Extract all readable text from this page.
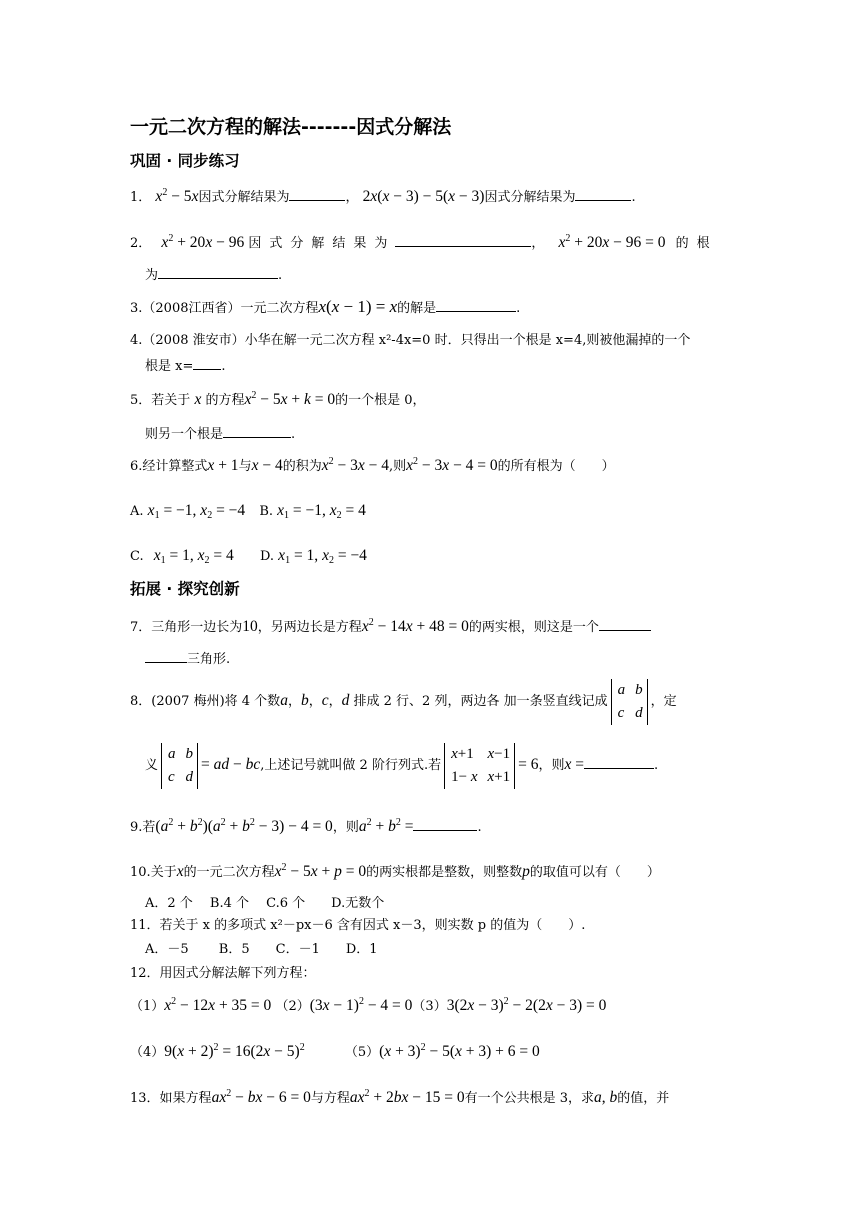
一元二次方程的解法-------因式分解法
巩固 · 同步练习
1． $x^2 - 5x$因式分解结果为	， 2x(x − 3) − 5(x − 3)因式分解结果为	.
2． $x^2 + 20x - 96$ 因式分解结果为	， $x^2 + 20x - 96 = 0$ 的根
为	.
3.（2008江西省）一元二次方程x(x − 1) = x的解是	.
4.（2008 淮安市）小华在解一元二次方程 x²-4x=0 时．只得出一个根是 x=4,则被他漏掉的一个
根是 x= .
5．若关于 x 的方程$x^2 - 5x + k = 0$的一个根是 0，
则另一个根是	.
6.经计算整式x + 1与x − 4的积为$x^2 - 3x - 4$,则$x^2 - 3x - 4 = 0$的所有根为（　　）
A. $x_1 = -1$, $x_2 = -4$ B. $x_1 = -1$, $x_2 = 4$
C. $x_1 = 1$, $x_2 = 4$ D. $x_1 = 1$, $x_2 = -4$
拓展 · 探究创新
7．三角形一边长为10，另两边长是方程$x^2 - 14x + 48 = 0$的两实根，则这是一个
三角形.
8．(2007 梅州)将 4 个数a，b，c，d 排成 2 行、2 列，两边各 加一条竖直线记成
a	b
c	d
，定
义
a	b
c	d
= ad − bc,上述记号就叫做 2 阶行列式.若
x+1	x−1
1− x	x+1
= 6，则x =	.
9.若$(a^2 + b^2)(a^2 + b^2 - 3) - 4 = 0$，则$a^2 + b^2$ =	.
10.关于x的一元二次方程$x^2 - 5x + p = 0$的两实根都是整数，则整数p的取值可以有（　　）
A．2 个　 B.4 个　 C.6 个　　D.无数个
11．若关于 x 的多项式 x²－px－6 含有因式 x－3，则实数 p 的值为（　　）.
A．－5　　 B．5　　C．－1　　D．1
12．用因式分解法解下列方程：
$(1)x^2 - 12x + 35 = 0$ $(2)(3x - 1)^2 - 4 = 0(3)3(2x - 3)^2 - 2(2x - 3) = 0$
$(4)9(x + 2)^2 = 16(2x - 5)^2$	$(5)(x + 3)^2 - 5(x + 3) + 6 = 0$
13．如果方程$ax^2$ − bx − 6 = 0与方程$ax^2 + 2bx - 15 = 0$有一个公共根是 3，求a, b的值，并
